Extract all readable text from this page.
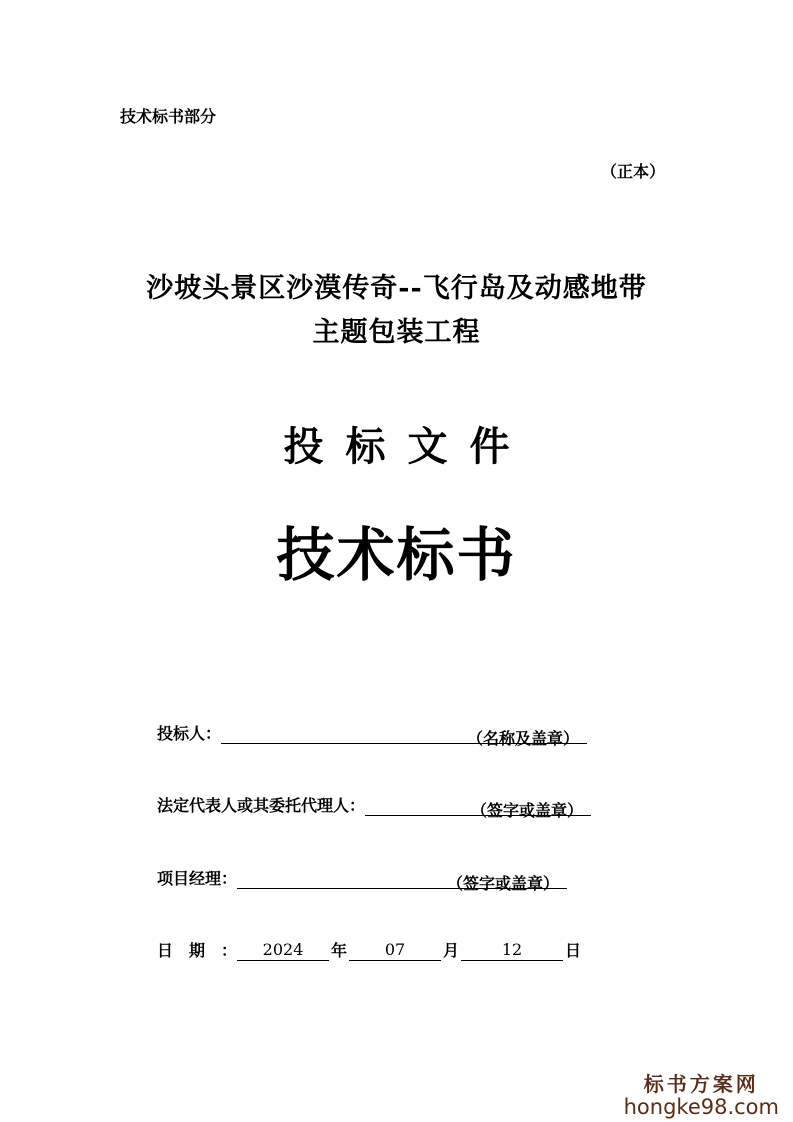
技术标书部分
（正本）
沙坡头景区沙漠传奇--飞行岛及动感地带
主题包装工程
投标文件
技术标书
投标人：	（名称及盖章）
法定代表人或其委托代理人：	（签字或盖章）
项目经理：	（签字或盖章）
日　期　：	2024	年	07	月	12	日
标书方案网
hongke98.com
